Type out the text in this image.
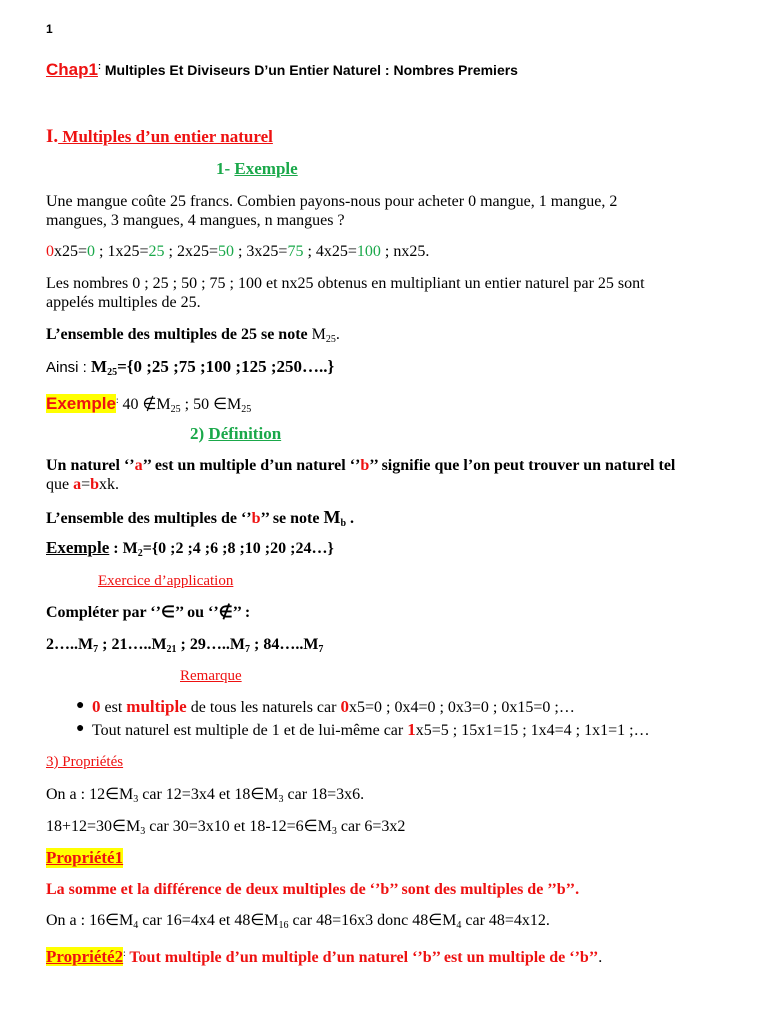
1
Chap1: Multiples Et Diviseurs D’un Entier Naturel : Nombres Premiers
I. Multiples d’un entier naturel
1- Exemple
Une mangue coûte 25 francs. Combien payons-nous pour acheter 0 mangue, 1 mangue, 2
mangues, 3 mangues, 4 mangues, n mangues ?
0x25=0 ; 1x25=25 ; 2x25=50 ; 3x25=75 ; 4x25=100 ; nx25.
Les nombres 0 ; 25 ; 50 ; 75 ; 100 et nx25 obtenus en multipliant un entier naturel par 25 sont
appelés multiples de 25.
L’ensemble des multiples de 25 se note $M_{25}$.
Ainsi : $M_{25}=\{0$ ;25 ;75 ;100 ;125 ;250…..}
Exemple: 40 $\notin M_{25}$ ; 50 $\in M_{25}$
2) Définition
Un naturel ‘’a’’ est un multiple d’un naturel ‘’b’’ signifie que l’on peut trouver un naturel tel
que a=bxk.
L’ensemble des multiples de ‘’b’’ se note $M_b$ .
Exemple : $M_2=\{0$ ;2 ;4 ;6 ;8 ;10 ;20 ;24…}
Exercice d’application
Compléter par ‘’∈’’ ou ‘’∉’’ :
$2\dots..M_7$ ; $21\dots..M_{21}$ ; $29\dots..M_7$ ; $84\dots..M_7$
Remarque
● 0 est multiple de tous les naturels car 0x5=0 ; 0x4=0 ; 0x3=0 ; 0x15=0 ;…
● Tout naturel est multiple de 1 et de lui-même car 1x5=5 ; 15x1=15 ; 1x4=4 ; 1x1=1 ;…
3) Propriétés
On a : $12\in M_3$ car 12=3x4 et $18\in M_3$ car 18=3x6.
$18+12=30\in M_3$ car 30=3x10 et $18-12=6\in M_3$ car 6=3x2
Propriété1
La somme et la différence de deux multiples de ‘’b’’ sont des multiples de ’’b’’.
On a : $16\in M_4$ car 16=4x4 et $48\in M_{16}$ car 48=16x3 donc $48\in M_4$ car 48=4x12.
Propriété2: Tout multiple d’un multiple d’un naturel ‘’b’’ est un multiple de ‘’b’’.
